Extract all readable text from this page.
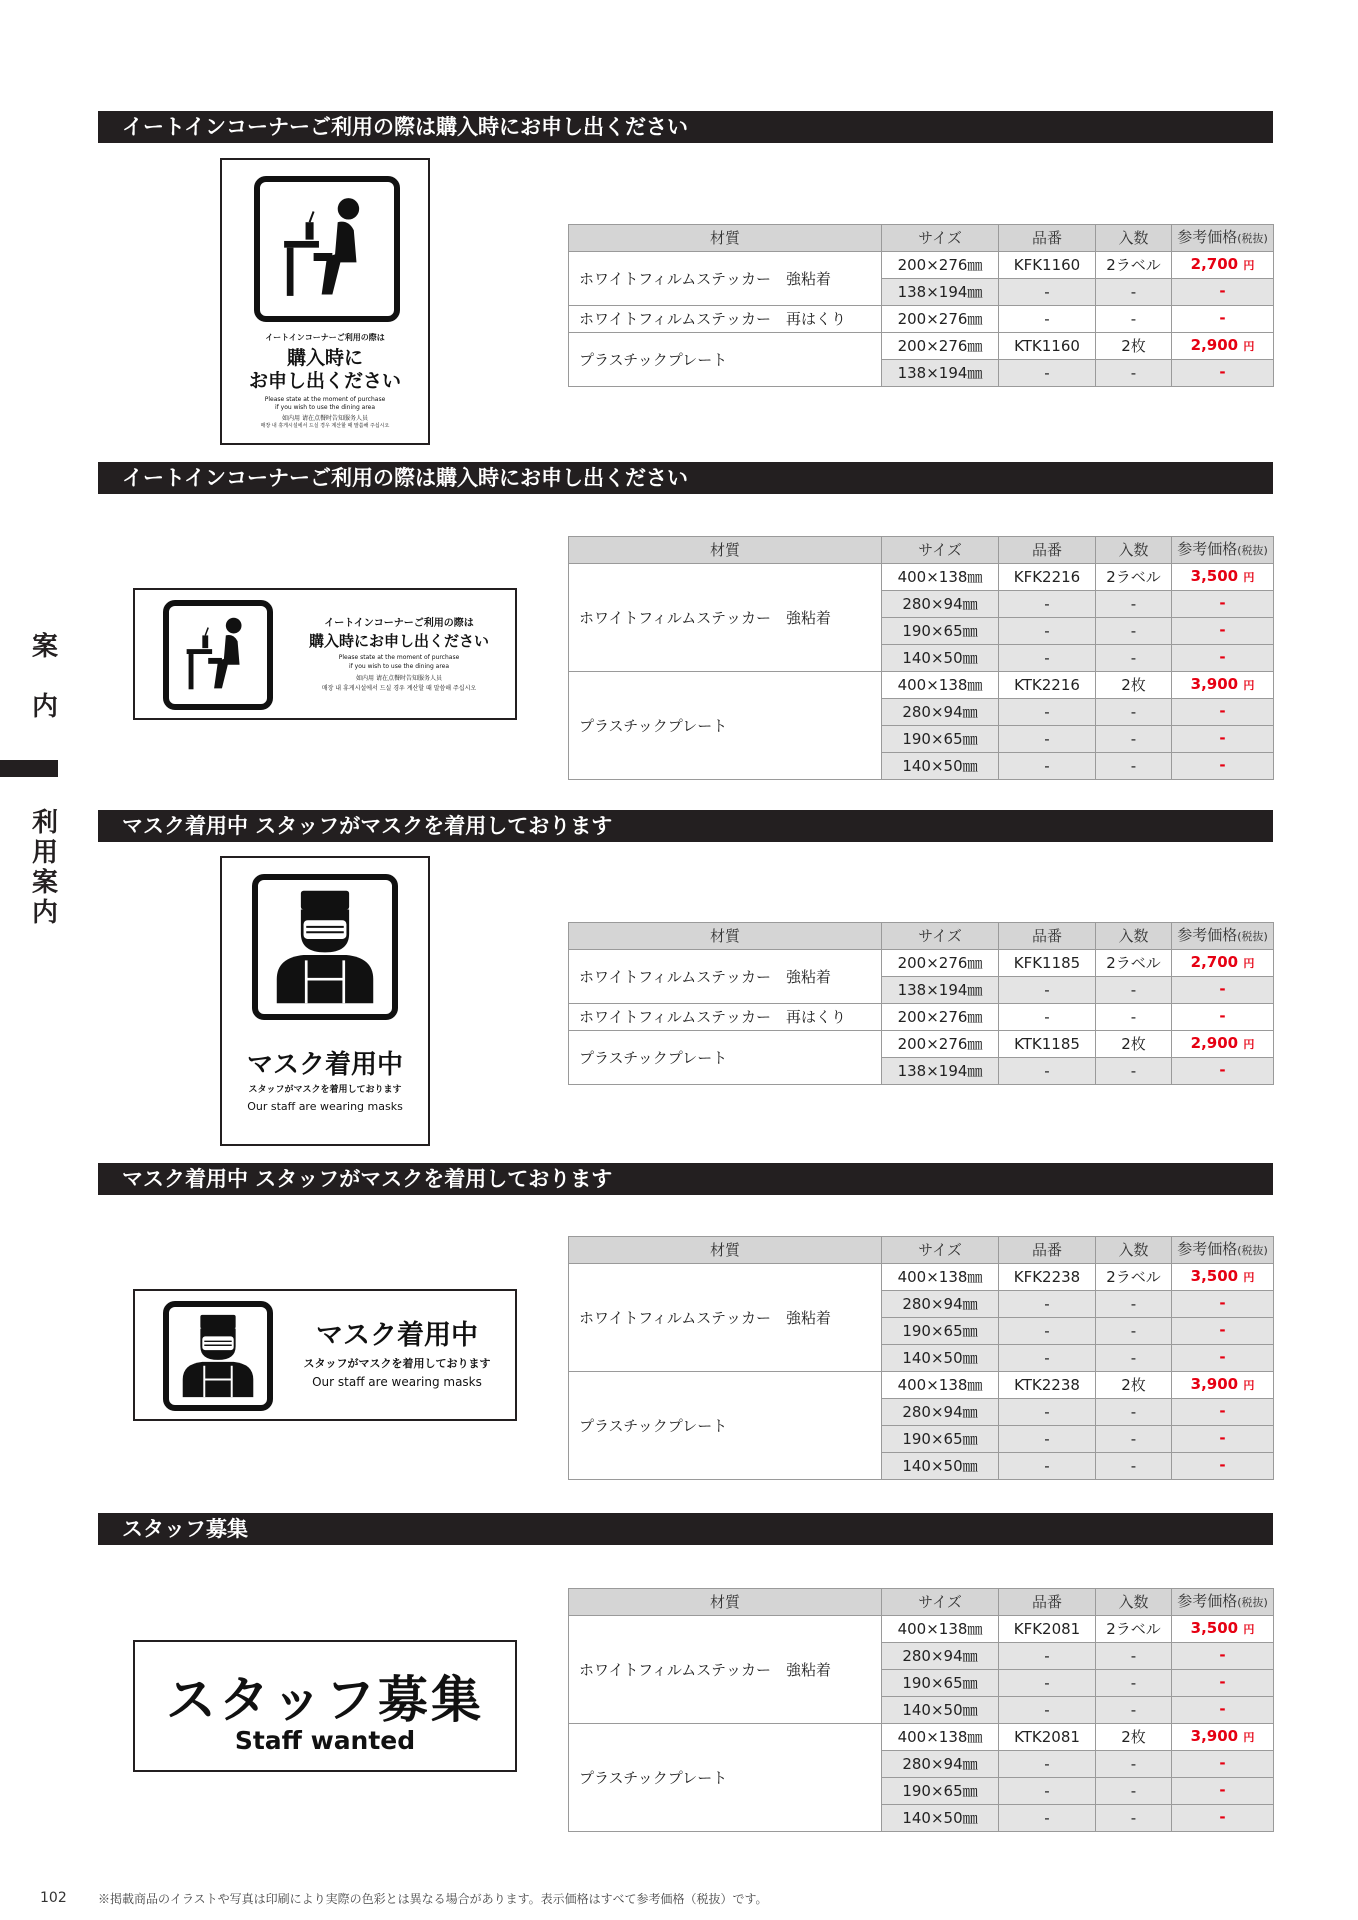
案
内
利
用
案
内
イートインコーナーご利用の際は購入時にお申し出ください
イートインコーナーご利用の際は
購入時に
お申し出ください
Please state at the moment of purchase
if you wish to use the dining area
如内用 请在点餐时告知服务人员
매장 내 휴게시설에서 드실 경우 계산할 때 말씀해 주십시오
材質	サイズ	品番	入数	参考価格(税抜)
ホワイトフィルムステッカー　強粘着	200×276㎜	KFK1160	2ラベル	2,700 円
	138×194㎜	-	-	-
ホワイトフィルムステッカー　再はくり	200×276㎜	-	-	-
プラスチックプレート	200×276㎜	KTK1160	2枚	2,900 円
	138×194㎜	-	-	-
イートインコーナーご利用の際は購入時にお申し出ください
イートインコーナーご利用の際は
購入時にお申し出ください
Please state at the moment of purchase
if you wish to use the dining area
如内用 请在点餐时告知服务人员
매장 내 휴게시설에서 드실 경우 계산할 때 말씀해 주십시오
材質	サイズ	品番	入数	参考価格(税抜)
ホワイトフィルムステッカー　強粘着	400×138㎜	KFK2216	2ラベル	3,500 円
	280×94㎜	-	-	-
	190×65㎜	-	-	-
	140×50㎜	-	-	-
プラスチックプレート	400×138㎜	KTK2216	2枚	3,900 円
	280×94㎜	-	-	-
	190×65㎜	-	-	-
	140×50㎜	-	-	-
マスク着用中 スタッフがマスクを着用しております
マスク着用中
スタッフがマスクを着用しております
Our staff are wearing masks
材質	サイズ	品番	入数	参考価格(税抜)
ホワイトフィルムステッカー　強粘着	200×276㎜	KFK1185	2ラベル	2,700 円
	138×194㎜	-	-	-
ホワイトフィルムステッカー　再はくり	200×276㎜	-	-	-
プラスチックプレート	200×276㎜	KTK1185	2枚	2,900 円
	138×194㎜	-	-	-
マスク着用中 スタッフがマスクを着用しております
マスク着用中
スタッフがマスクを着用しております
Our staff are wearing masks
材質	サイズ	品番	入数	参考価格(税抜)
ホワイトフィルムステッカー　強粘着	400×138㎜	KFK2238	2ラベル	3,500 円
	280×94㎜	-	-	-
	190×65㎜	-	-	-
	140×50㎜	-	-	-
プラスチックプレート	400×138㎜	KTK2238	2枚	3,900 円
	280×94㎜	-	-	-
	190×65㎜	-	-	-
	140×50㎜	-	-	-
スタッフ募集
スタッフ募集
Staff wanted
材質	サイズ	品番	入数	参考価格(税抜)
ホワイトフィルムステッカー　強粘着	400×138㎜	KFK2081	2ラベル	3,500 円
	280×94㎜	-	-	-
	190×65㎜	-	-	-
	140×50㎜	-	-	-
プラスチックプレート	400×138㎜	KTK2081	2枚	3,900 円
	280×94㎜	-	-	-
	190×65㎜	-	-	-
	140×50㎜	-	-	-
102	※掲載商品のイラストや写真は印刷により実際の色彩とは異なる場合があります。表示価格はすべて参考価格（税抜）です。
